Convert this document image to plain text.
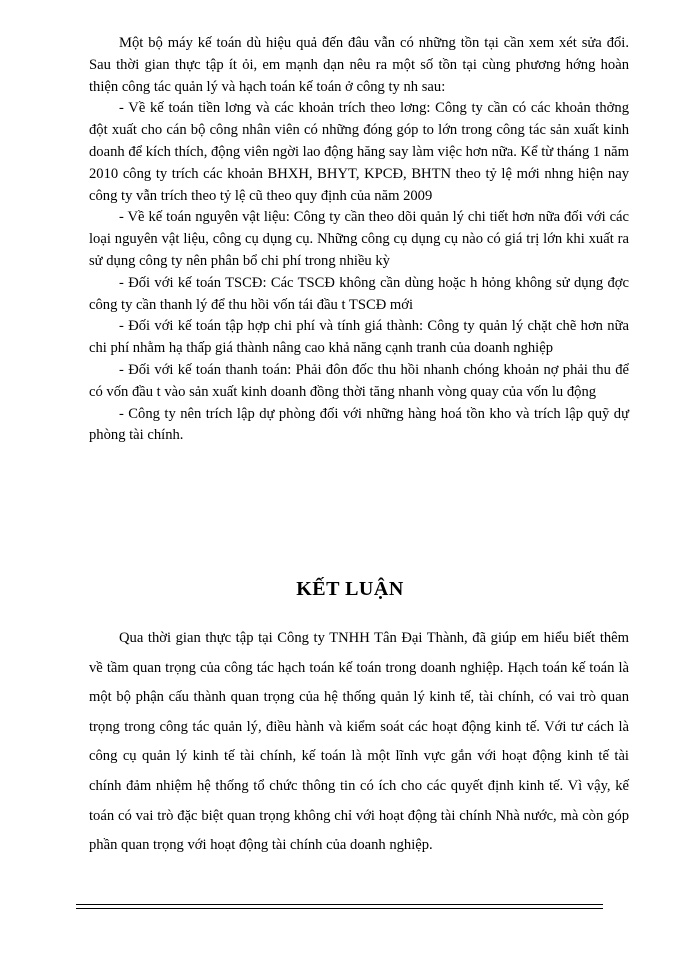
Một bộ máy kế toán dù hiệu quả đến đâu vẫn có những tồn tại cần xem xét sửa đổi. Sau thời gian thực tập ít ỏi, em mạnh dạn nêu ra một số tồn tại cùng phương hớng hoàn thiện công tác quản lý và hạch toán kế toán ở công ty nh sau:

- Về kế toán tiền lơng và các khoản trích theo lơng: Công ty cần có các khoản thởng đột xuất cho cán bộ công nhân viên có những đóng góp to lớn trong công tác sản xuất kinh doanh để kích thích, động viên ngời lao động hăng say làm việc hơn nữa. Kể từ tháng 1 năm 2010 công ty trích các khoản BHXH, BHYT, KPCĐ, BHTN theo tỷ lệ mới nhng hiện nay công ty vẫn trích theo tỷ lệ cũ theo quy định của năm 2009

- Về kế toán nguyên vật liệu: Công ty cần theo dõi quản lý chi tiết hơn nữa đối với các loại nguyên vật liệu, công cụ dụng cụ. Những công cụ dụng cụ nào có giá trị lớn khi xuất ra sử dụng công ty nên phân bổ chi phí trong nhiều kỳ

- Đối với kế toán TSCĐ: Các TSCĐ không cần dùng hoặc h hỏng không sử dụng đợc công ty cần thanh lý để thu hồi vốn tái đầu t TSCĐ mới

- Đối với kế toán tập hợp chi phí và tính giá thành: Công ty quản lý chặt chẽ hơn nữa chi phí nhằm hạ thấp giá thành nâng cao khả năng cạnh tranh của doanh nghiệp

- Đối với kế toán thanh toán: Phải đôn đốc thu hồi nhanh chóng khoản nợ phải thu để có vốn đầu t vào sản xuất kinh doanh đồng thời tăng nhanh vòng quay của vốn lu động

- Công ty nên trích lập dự phòng đối với những hàng hoá tồn kho và trích lập quỹ dự phòng tài chính.

KẾT LUẬN

Qua thời gian thực tập tại Công ty TNHH Tân Đại Thành, đã giúp em hiểu biết thêm về tầm quan trọng của công tác hạch toán kế toán trong doanh nghiệp. Hạch toán kế toán là một bộ phận cấu thành quan trọng của hệ thống quản lý kinh tế, tài chính, có vai trò quan trọng trong công tác quản lý, điều hành và kiểm soát các hoạt động kinh tế. Với tư cách là công cụ quản lý kinh tế tài chính, kế toán là một lĩnh vực gắn với hoạt động kinh tế tài chính đảm nhiệm hệ thống tổ chức thông tin có ích cho các quyết định kinh tế. Vì vậy, kế toán có vai trò đặc biệt quan trọng không chỉ với hoạt động tài chính Nhà nước, mà còn góp phần quan trọng với hoạt động tài chính của doanh nghiệp.
